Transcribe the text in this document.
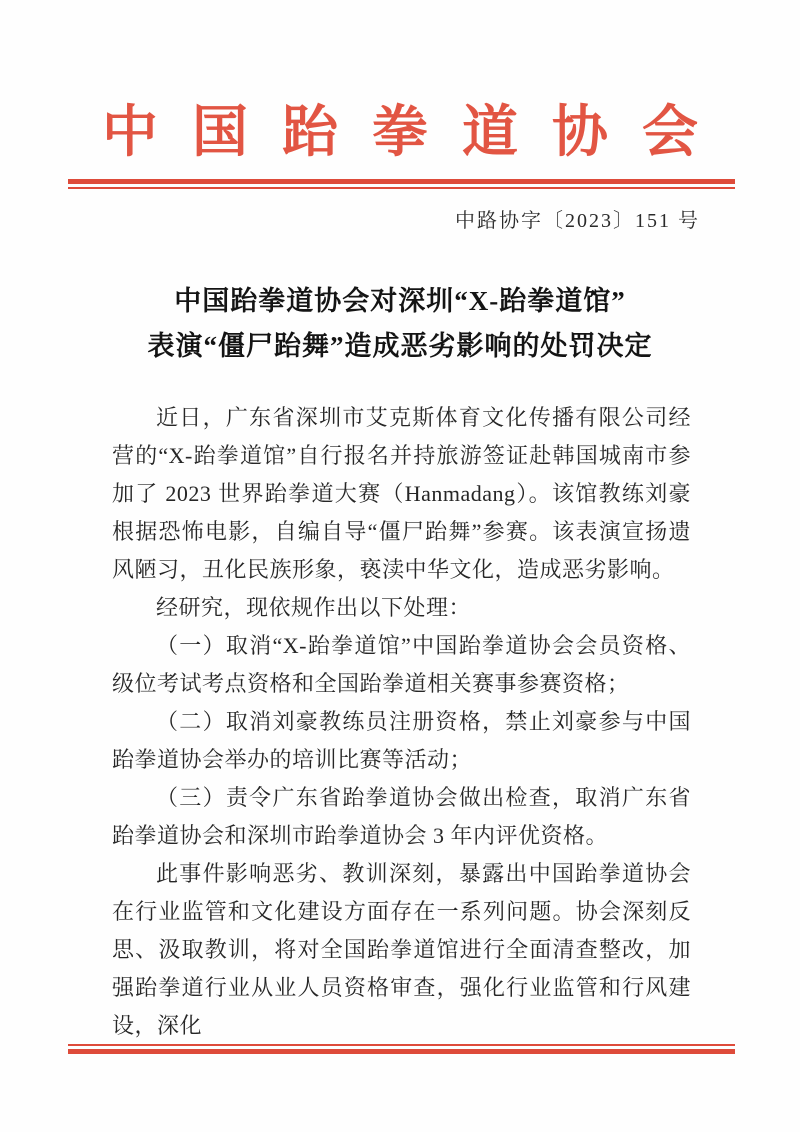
中国跆拳道协会
中路协字〔2023〕151 号
中国跆拳道协会对深圳“X-跆拳道馆”
表演“僵尸跆舞”造成恶劣影响的处罚决定

近日，广东省深圳市艾克斯体育文化传播有限公司经营的“X-跆拳道馆”自行报名并持旅游签证赴韩国城南市参加了 2023 世界跆拳道大赛（Hanmadang）。该馆教练刘豪根据恐怖电影，自编自导“僵尸跆舞”参赛。该表演宣扬遗风陋习，丑化民族形象，亵渎中华文化，造成恶劣影响。

经研究，现依规作出以下处理：

（一）取消“X-跆拳道馆”中国跆拳道协会会员资格、级位考试考点资格和全国跆拳道相关赛事参赛资格；

（二）取消刘豪教练员注册资格，禁止刘豪参与中国跆拳道协会举办的培训比赛等活动；

（三）责令广东省跆拳道协会做出检查，取消广东省跆拳道协会和深圳市跆拳道协会 3 年内评优资格。

此事件影响恶劣、教训深刻，暴露出中国跆拳道协会在行业监管和文化建设方面存在一系列问题。协会深刻反思、汲取教训，将对全国跆拳道馆进行全面清查整改，加强跆拳道行业从业人员资格审查，强化行业监管和行风建设，深化
